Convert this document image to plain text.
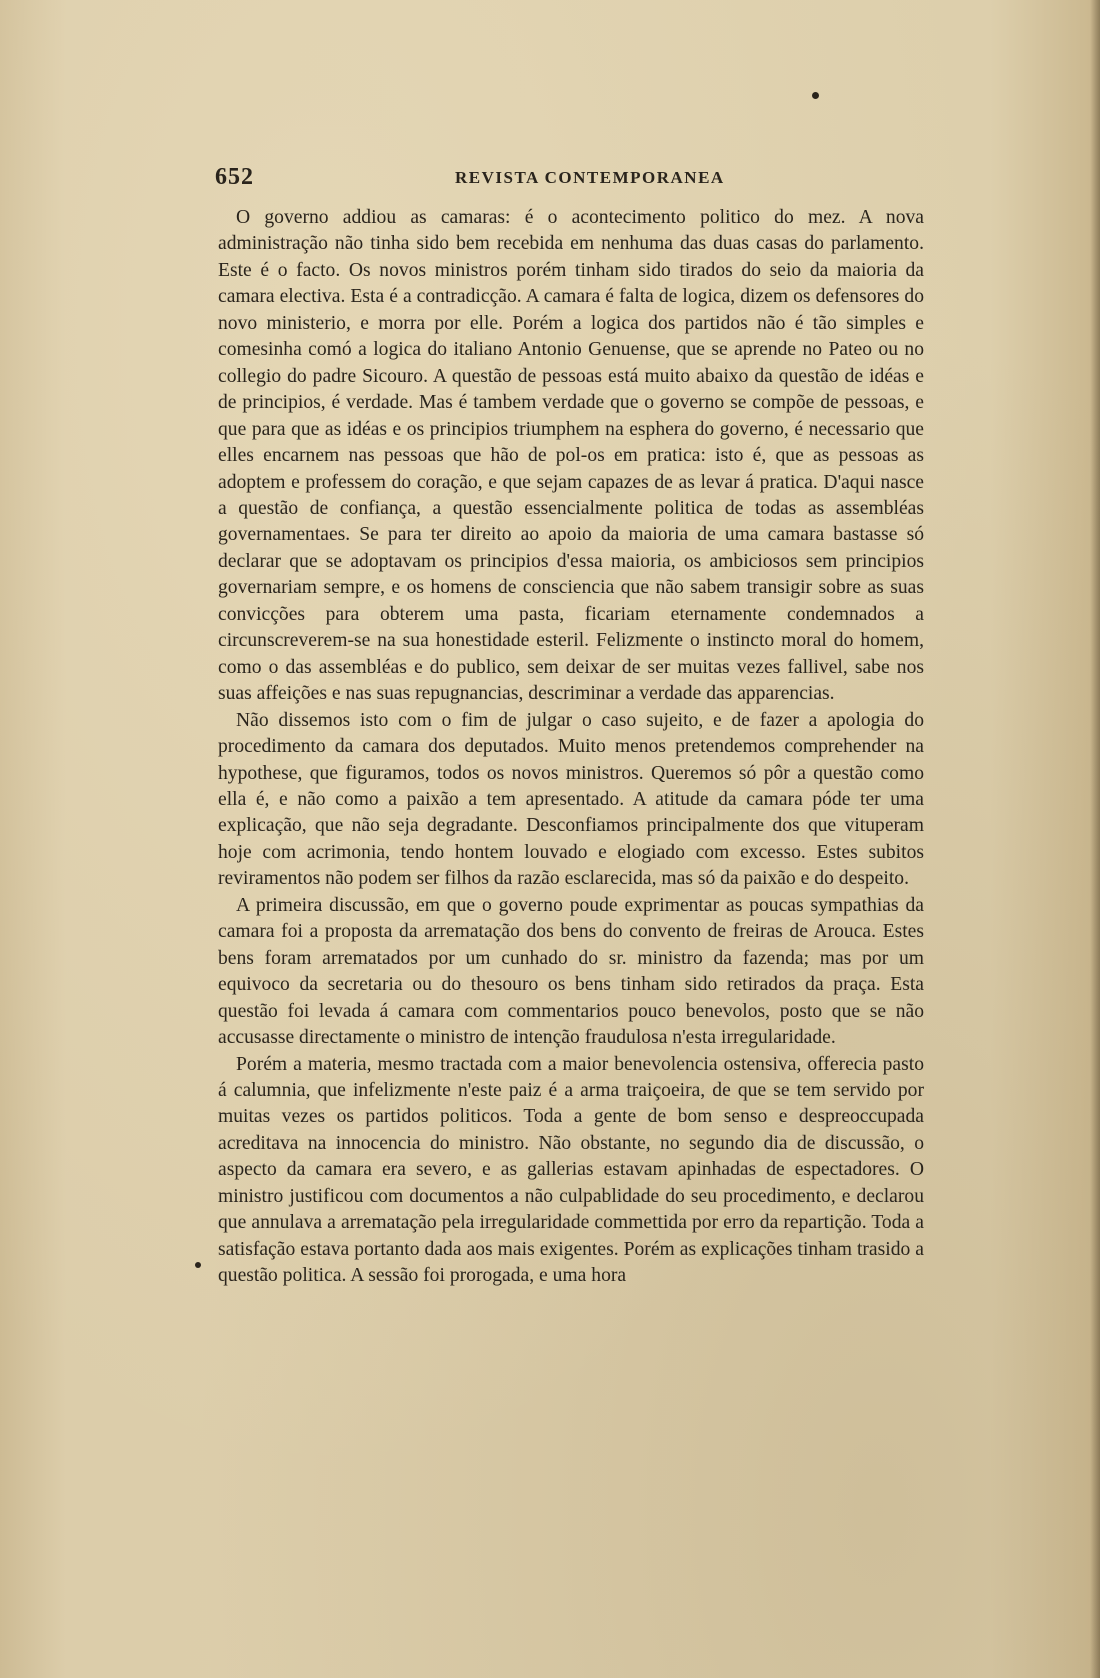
652	REVISTA CONTEMPORANEA

O governo addiou as camaras: é o acontecimento politico do mez. A nova administração não tinha sido bem recebida em nenhuma das duas casas do parlamento. Este é o facto. Os novos ministros porém tinham sido tirados do seio da maioria da camara electiva. Esta é a contradicção. A camara é falta de logica, dizem os defensores do novo ministerio, e morra por elle. Porém a logica dos partidos não é tão simples e comesinha comó a logica do italiano Antonio Genuense, que se aprende no Pateo ou no collegio do padre Sicouro. A questão de pessoas está muito abaixo da questão de idéas e de principios, é verdade. Mas é tambem verdade que o governo se compõe de pessoas, e que para que as idéas e os principios triumphem na esphera do governo, é necessario que elles encarnem nas pessoas que hão de pol-os em pratica: isto é, que as pessoas as adoptem e professem do coração, e que sejam capazes de as levar á pratica. D'aqui nasce a questão de confiança, a questão essencialmente politica de todas as assembléas governamentaes. Se para ter direito ao apoio da maioria de uma camara bastasse só declarar que se adoptavam os principios d'essa maioria, os ambiciosos sem principios governariam sempre, e os homens de consciencia que não sabem transigir sobre as suas convicções para obterem uma pasta, ficariam eternamente condemnados a circunscreverem-se na sua honestidade esteril. Felizmente o instincto moral do homem, como o das assembléas e do publico, sem deixar de ser muitas vezes fallivel, sabe nos suas affeições e nas suas repugnancias, descriminar a verdade das apparencias.

Não dissemos isto com o fim de julgar o caso sujeito, e de fazer a apologia do procedimento da camara dos deputados. Muito menos pretendemos comprehender na hypothese, que figuramos, todos os novos ministros. Queremos só pôr a questão como ella é, e não como a paixão a tem apresentado. A atitude da camara póde ter uma explicação, que não seja degradante. Desconfiamos principalmente dos que vituperam hoje com acrimonia, tendo hontem louvado e elogiado com excesso. Estes subitos reviramentos não podem ser filhos da razão esclarecida, mas só da paixão e do despeito.

A primeira discussão, em que o governo poude exprimentar as poucas sympathias da camara foi a proposta da arrematação dos bens do convento de freiras de Arouca. Estes bens foram arrematados por um cunhado do sr. ministro da fazenda; mas por um equivoco da secretaria ou do thesouro os bens tinham sido retirados da praça. Esta questão foi levada á camara com commentarios pouco benevolos, posto que se não accusasse directamente o ministro de intenção fraudulosa n'esta irregularidade.

Porém a materia, mesmo tractada com a maior benevolencia ostensiva, offerecia pasto á calumnia, que infelizmente n'este paiz é a arma traiçoeira, de que se tem servido por muitas vezes os partidos politicos. Toda a gente de bom senso e despreoccupada acreditava na innocencia do ministro. Não obstante, no segundo dia de discussão, o aspecto da camara era severo, e as gallerias estavam apinhadas de espectadores. O ministro justificou com documentos a não culpablidade do seu procedimento, e declarou que annulava a arrematação pela irregularidade commettida por erro da repartição. Toda a satisfação estava portanto dada aos mais exigentes. Porém as explicações tinham trasido a questão politica. A sessão foi prorogada, e uma hora
